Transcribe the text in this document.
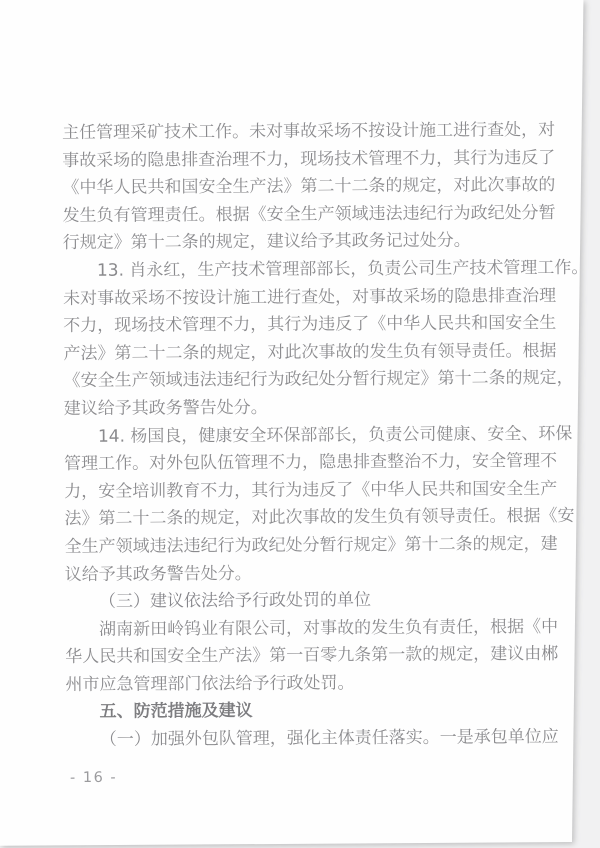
主任管理采矿技术工作。未对事故采场不按设计施工进行查处，对
事故采场的隐患排查治理不力，现场技术管理不力，其行为违反了
《中华人民共和国安全生产法》第二十二条的规定，对此次事故的
发生负有管理责任。根据《安全生产领域违法违纪行为政纪处分暂
行规定》第十二条的规定，建议给予其政务记过处分。
13. 肖永红，生产技术管理部部长，负责公司生产技术管理工作。
未对事故采场不按设计施工进行查处，对事故采场的隐患排查治理
不力，现场技术管理不力，其行为违反了《中华人民共和国安全生
产法》第二十二条的规定，对此次事故的发生负有领导责任。根据
《安全生产领域违法违纪行为政纪处分暂行规定》第十二条的规定，
建议给予其政务警告处分。
14. 杨国良，健康安全环保部部长，负责公司健康、安全、环保
管理工作。对外包队伍管理不力，隐患排查整治不力，安全管理不
力，安全培训教育不力，其行为违反了《中华人民共和国安全生产
法》第二十二条的规定，对此次事故的发生负有领导责任。根据《安
全生产领域违法违纪行为政纪处分暂行规定》第十二条的规定，建
议给予其政务警告处分。
（三）建议依法给予行政处罚的单位
湖南新田岭钨业有限公司，对事故的发生负有责任，根据《中
华人民共和国安全生产法》第一百零九条第一款的规定，建议由郴
州市应急管理部门依法给予行政处罚。
五、防范措施及建议
（一）加强外包队管理，强化主体责任落实。一是承包单位应
- 16 -
